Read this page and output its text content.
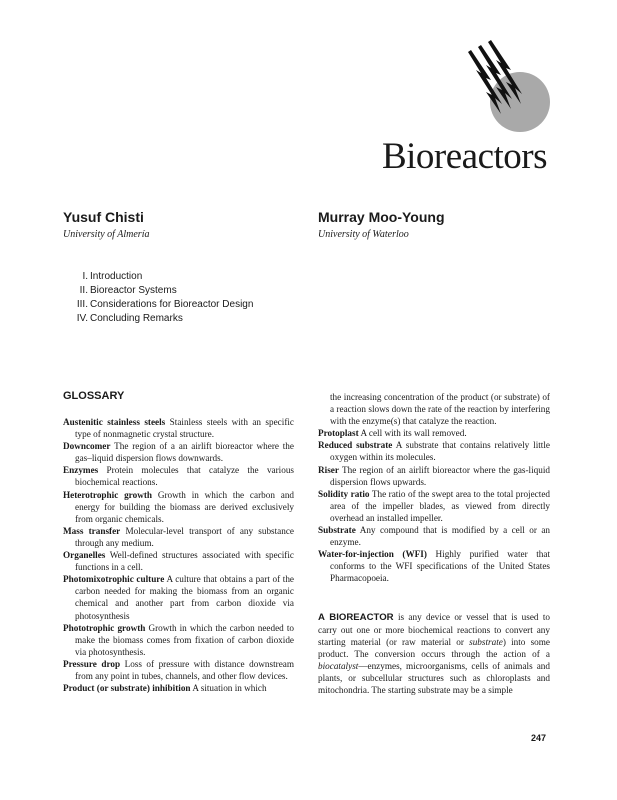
Bioreactors
Yusuf Chisti
University of Almería
Murray Moo-Young
University of Waterloo
I. Introduction
II. Bioreactor Systems
III. Considerations for Bioreactor Design
IV. Concluding Remarks
GLOSSARY

Austenitic stainless steels Stainless steels with an specific type of nonmagnetic crystal structure.

Downcomer The region of a an airlift bioreactor where the gas–liquid dispersion flows downwards.

Enzymes Protein molecules that catalyze the various biochemical reactions.

Heterotrophic growth Growth in which the carbon and energy for building the biomass are derived exclusively from organic chemicals.

Mass transfer Molecular-level transport of any substance through any medium.

Organelles Well-defined structures associated with specific functions in a cell.

Photomixotrophic culture A culture that obtains a part of the carbon needed for making the biomass from an organic chemical and another part from carbon dioxide via photosynthesis

Phototrophic growth Growth in which the carbon needed to make the biomass comes from fixation of carbon dioxide via photosynthesis.

Pressure drop Loss of pressure with distance downstream from any point in tubes, channels, and other flow devices.

Product (or substrate) inhibition A situation in which

the increasing concentration of the product (or substrate) of a reaction slows down the rate of the reaction by interfering with the enzyme(s) that catalyze the reaction.

Protoplast A cell with its wall removed.

Reduced substrate A substrate that contains relatively little oxygen within its molecules.

Riser The region of an airlift bioreactor where the gas-liquid dispersion flows upwards.

Solidity ratio The ratio of the swept area to the total projected area of the impeller blades, as viewed from directly overhead an installed impeller.

Substrate Any compound that is modified by a cell or an enzyme.

Water-for-injection (WFI) Highly purified water that conforms to the WFI specifications of the United States Pharmacopoeia.

A BIOREACTOR is any device or vessel that is used to carry out one or more biochemical reactions to convert any starting material (or raw material or substrate) into some product. The conversion occurs through the action of a biocatalyst—enzymes, microorganisms, cells of animals and plants, or subcellular structures such as chloroplasts and mitochondria. The starting substrate may be a simple

247
